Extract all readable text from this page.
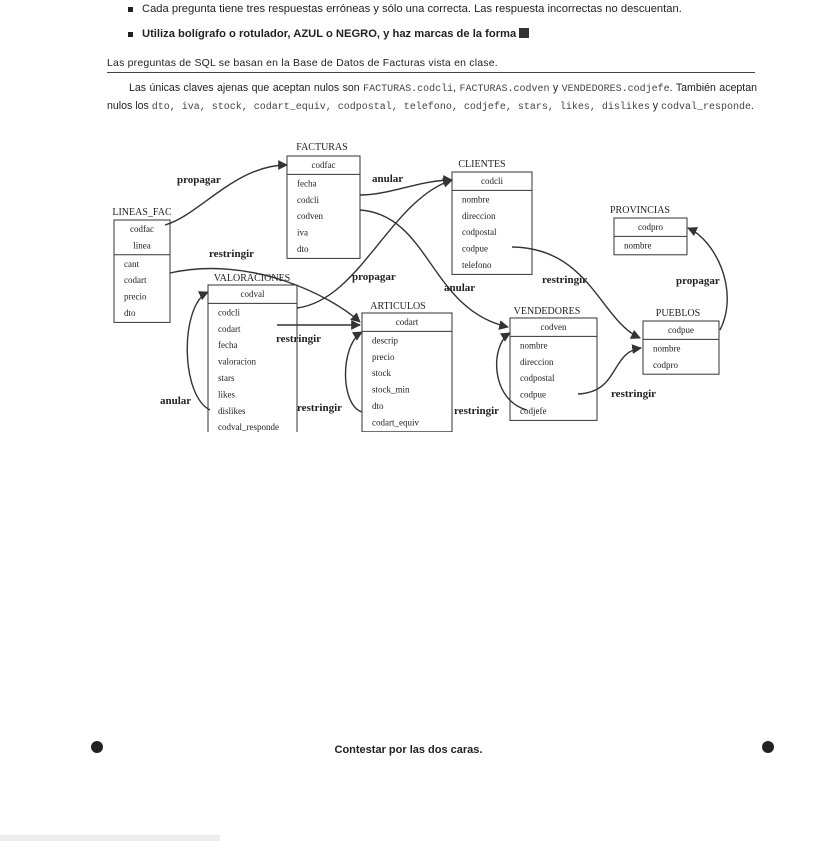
Cada pregunta tiene tres respuestas erróneas y sólo una correcta. Las respuesta incorrectas no descuentan.
Utiliza bolígrafo o rotulador, AZUL o NEGRO, y haz marcas de la forma
Las preguntas de SQL se basan en la Base de Datos de Facturas vista en clase.

Las únicas claves ajenas que aceptan nulos son FACTURAS.codcli, FACTURAS.codven y VENDEDORES.codjefe. También aceptan nulos los dto, iva, stock, codart_equiv, codpostal, telefono, codjefe, stars, likes, dislikes y codval_responde.

FACTURAS
codfac
fecha
codcli
codven
iva
dto
CLIENTES
codcli
nombre
direccion
codpostal
codpue
telefono
PROVINCIAS
codpro
nombre
LINEAS_FAC
codfac
linea
cant
codart
precio
dto
VALORACIONES
codval
codcli
codart
fecha
valoracion
stars
likes
dislikes
codval_responde
ARTICULOS
codart
descrip
precio
stock
stock_min
dto
codart_equiv
VENDEDORES
codven
nombre
direccion
codpostal
codpue
codjefe
PUEBLOS
codpue
nombre
codpro
propagar	anular
restringir
propagar
anular
restringir	propagar
restringir
anular
restringir	restringir
restringir

Contestar por las dos caras.
